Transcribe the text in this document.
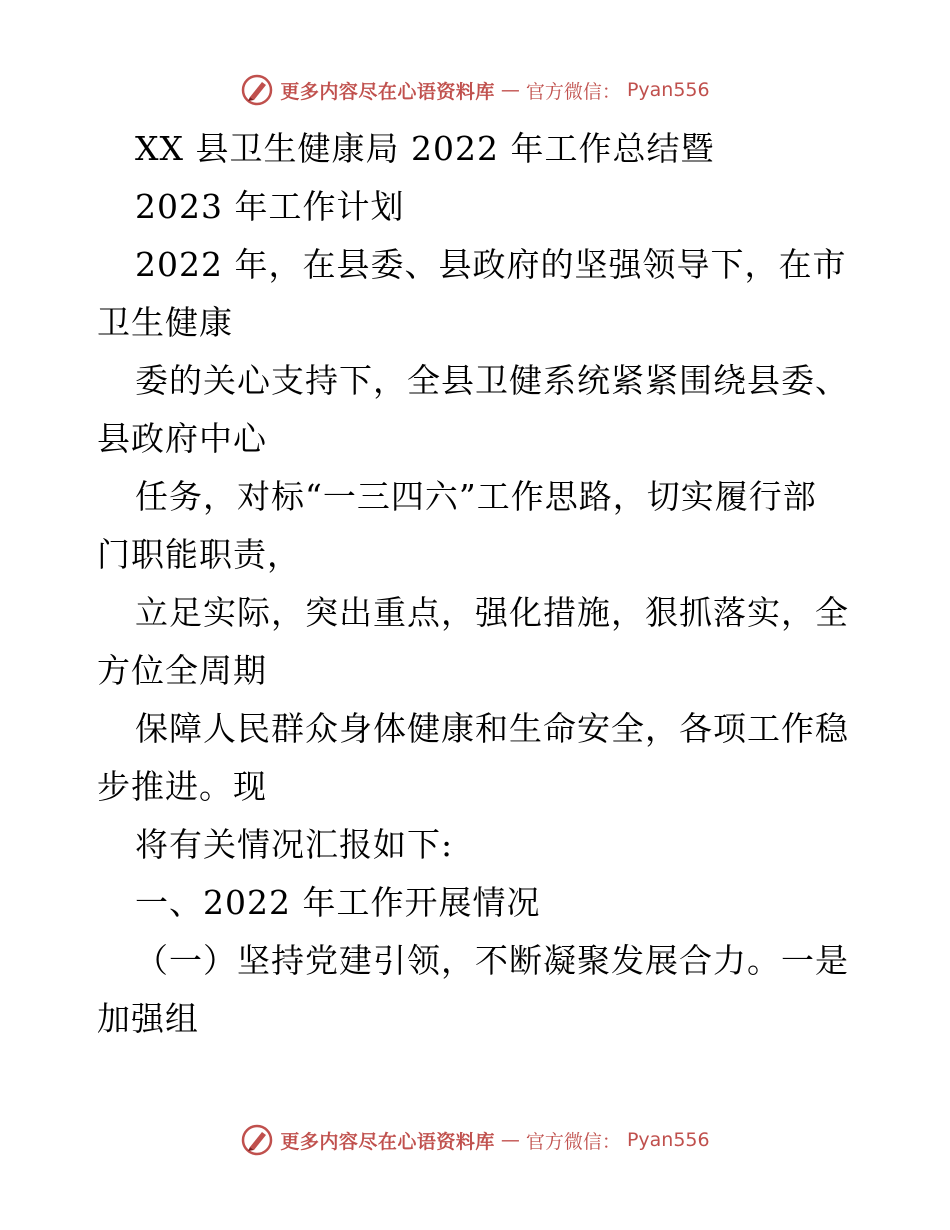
更多内容尽在心语资料库 — 官方微信： Pyan556

XX 县卫生健康局 2022 年工作总结暨

2023 年工作计划

2022 年，在县委、县政府的坚强领导下，在市

卫生健康

委的关心支持下，全县卫健系统紧紧围绕县委、

县政府中心

任务，对标“一三四六”工作思路，切实履行部

门职能职责，

立足实际，突出重点，强化措施，狠抓落实，全

方位全周期

保障人民群众身体健康和生命安全，各项工作稳

步推进。现

将有关情况汇报如下:

一、2022 年工作开展情况

（一）坚持党建引领，不断凝聚发展合力。一是

加强组

更多内容尽在心语资料库 — 官方微信： Pyan556
